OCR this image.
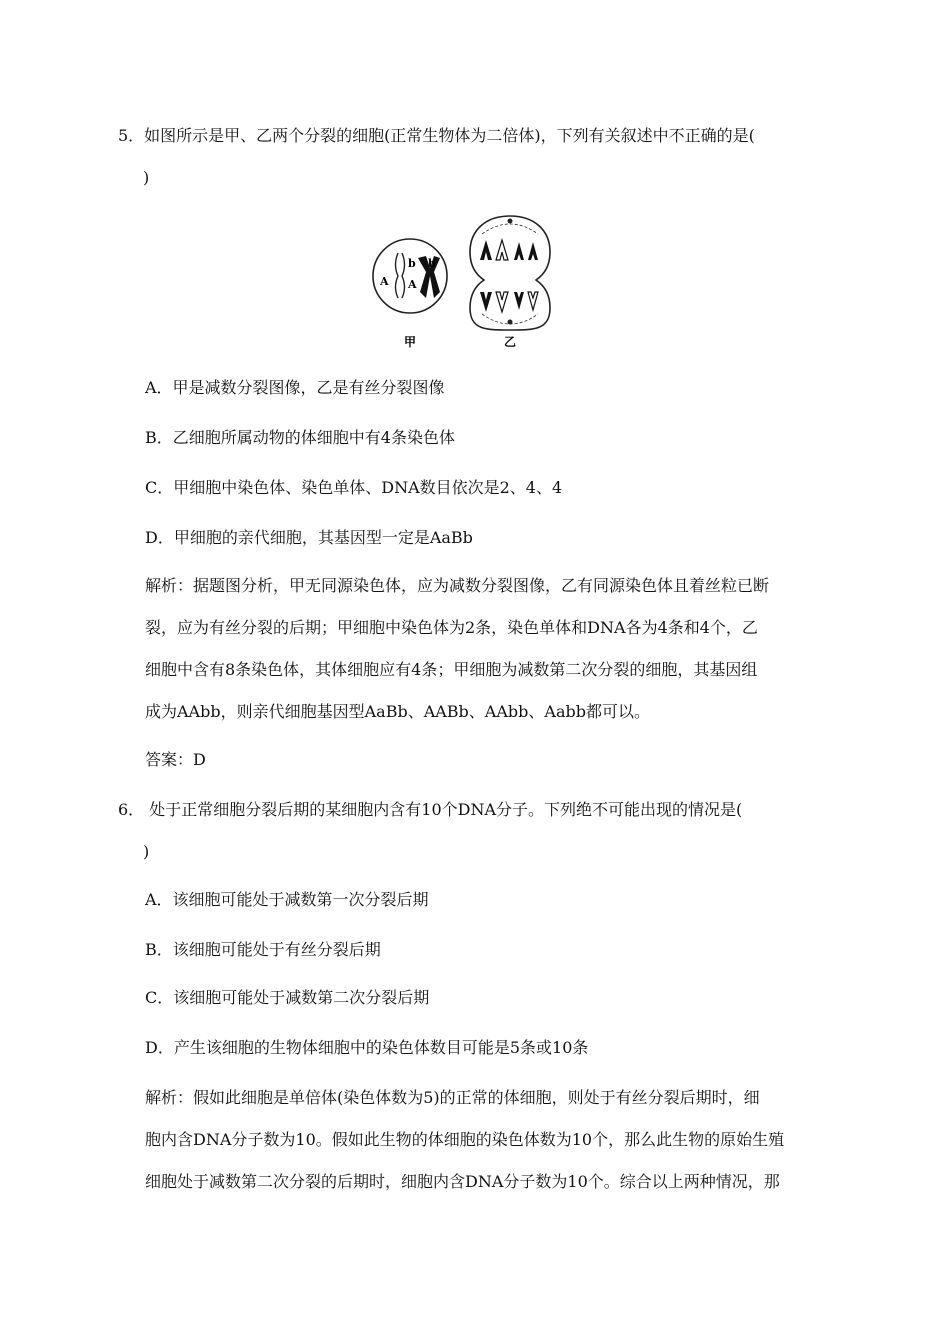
5．如图所示是甲、乙两个分裂的细胞(正常生物体为二倍体)，下列有关叙述中不正确的是(
)
A A
b b
甲	乙
A．甲是减数分裂图像，乙是有丝分裂图像
B．乙细胞所属动物的体细胞中有4条染色体
C．甲细胞中染色体、染色单体、DNA数目依次是2、4、4
D．甲细胞的亲代细胞，其基因型一定是AaBb
解析：据题图分析，甲无同源染色体，应为减数分裂图像，乙有同源染色体且着丝粒已断
裂，应为有丝分裂的后期；甲细胞中染色体为2条，染色单体和DNA各为4条和4个，乙
细胞中含有8条染色体，其体细胞应有4条；甲细胞为减数第二次分裂的细胞，其基因组
成为AAbb，则亲代细胞基因型AaBb、AABb、AAbb、Aabb都可以。
答案：D
6． 处于正常细胞分裂后期的某细胞内含有10个DNA分子。下列绝不可能出现的情况是(
)
A．该细胞可能处于减数第一次分裂后期
B．该细胞可能处于有丝分裂后期
C．该细胞可能处于减数第二次分裂后期
D．产生该细胞的生物体细胞中的染色体数目可能是5条或10条
解析：假如此细胞是单倍体(染色体数为5)的正常的体细胞，则处于有丝分裂后期时，细
胞内含DNA分子数为10。假如此生物的体细胞的染色体数为10个，那么此生物的原始生殖
细胞处于减数第二次分裂的后期时，细胞内含DNA分子数为10个。综合以上两种情况，那
